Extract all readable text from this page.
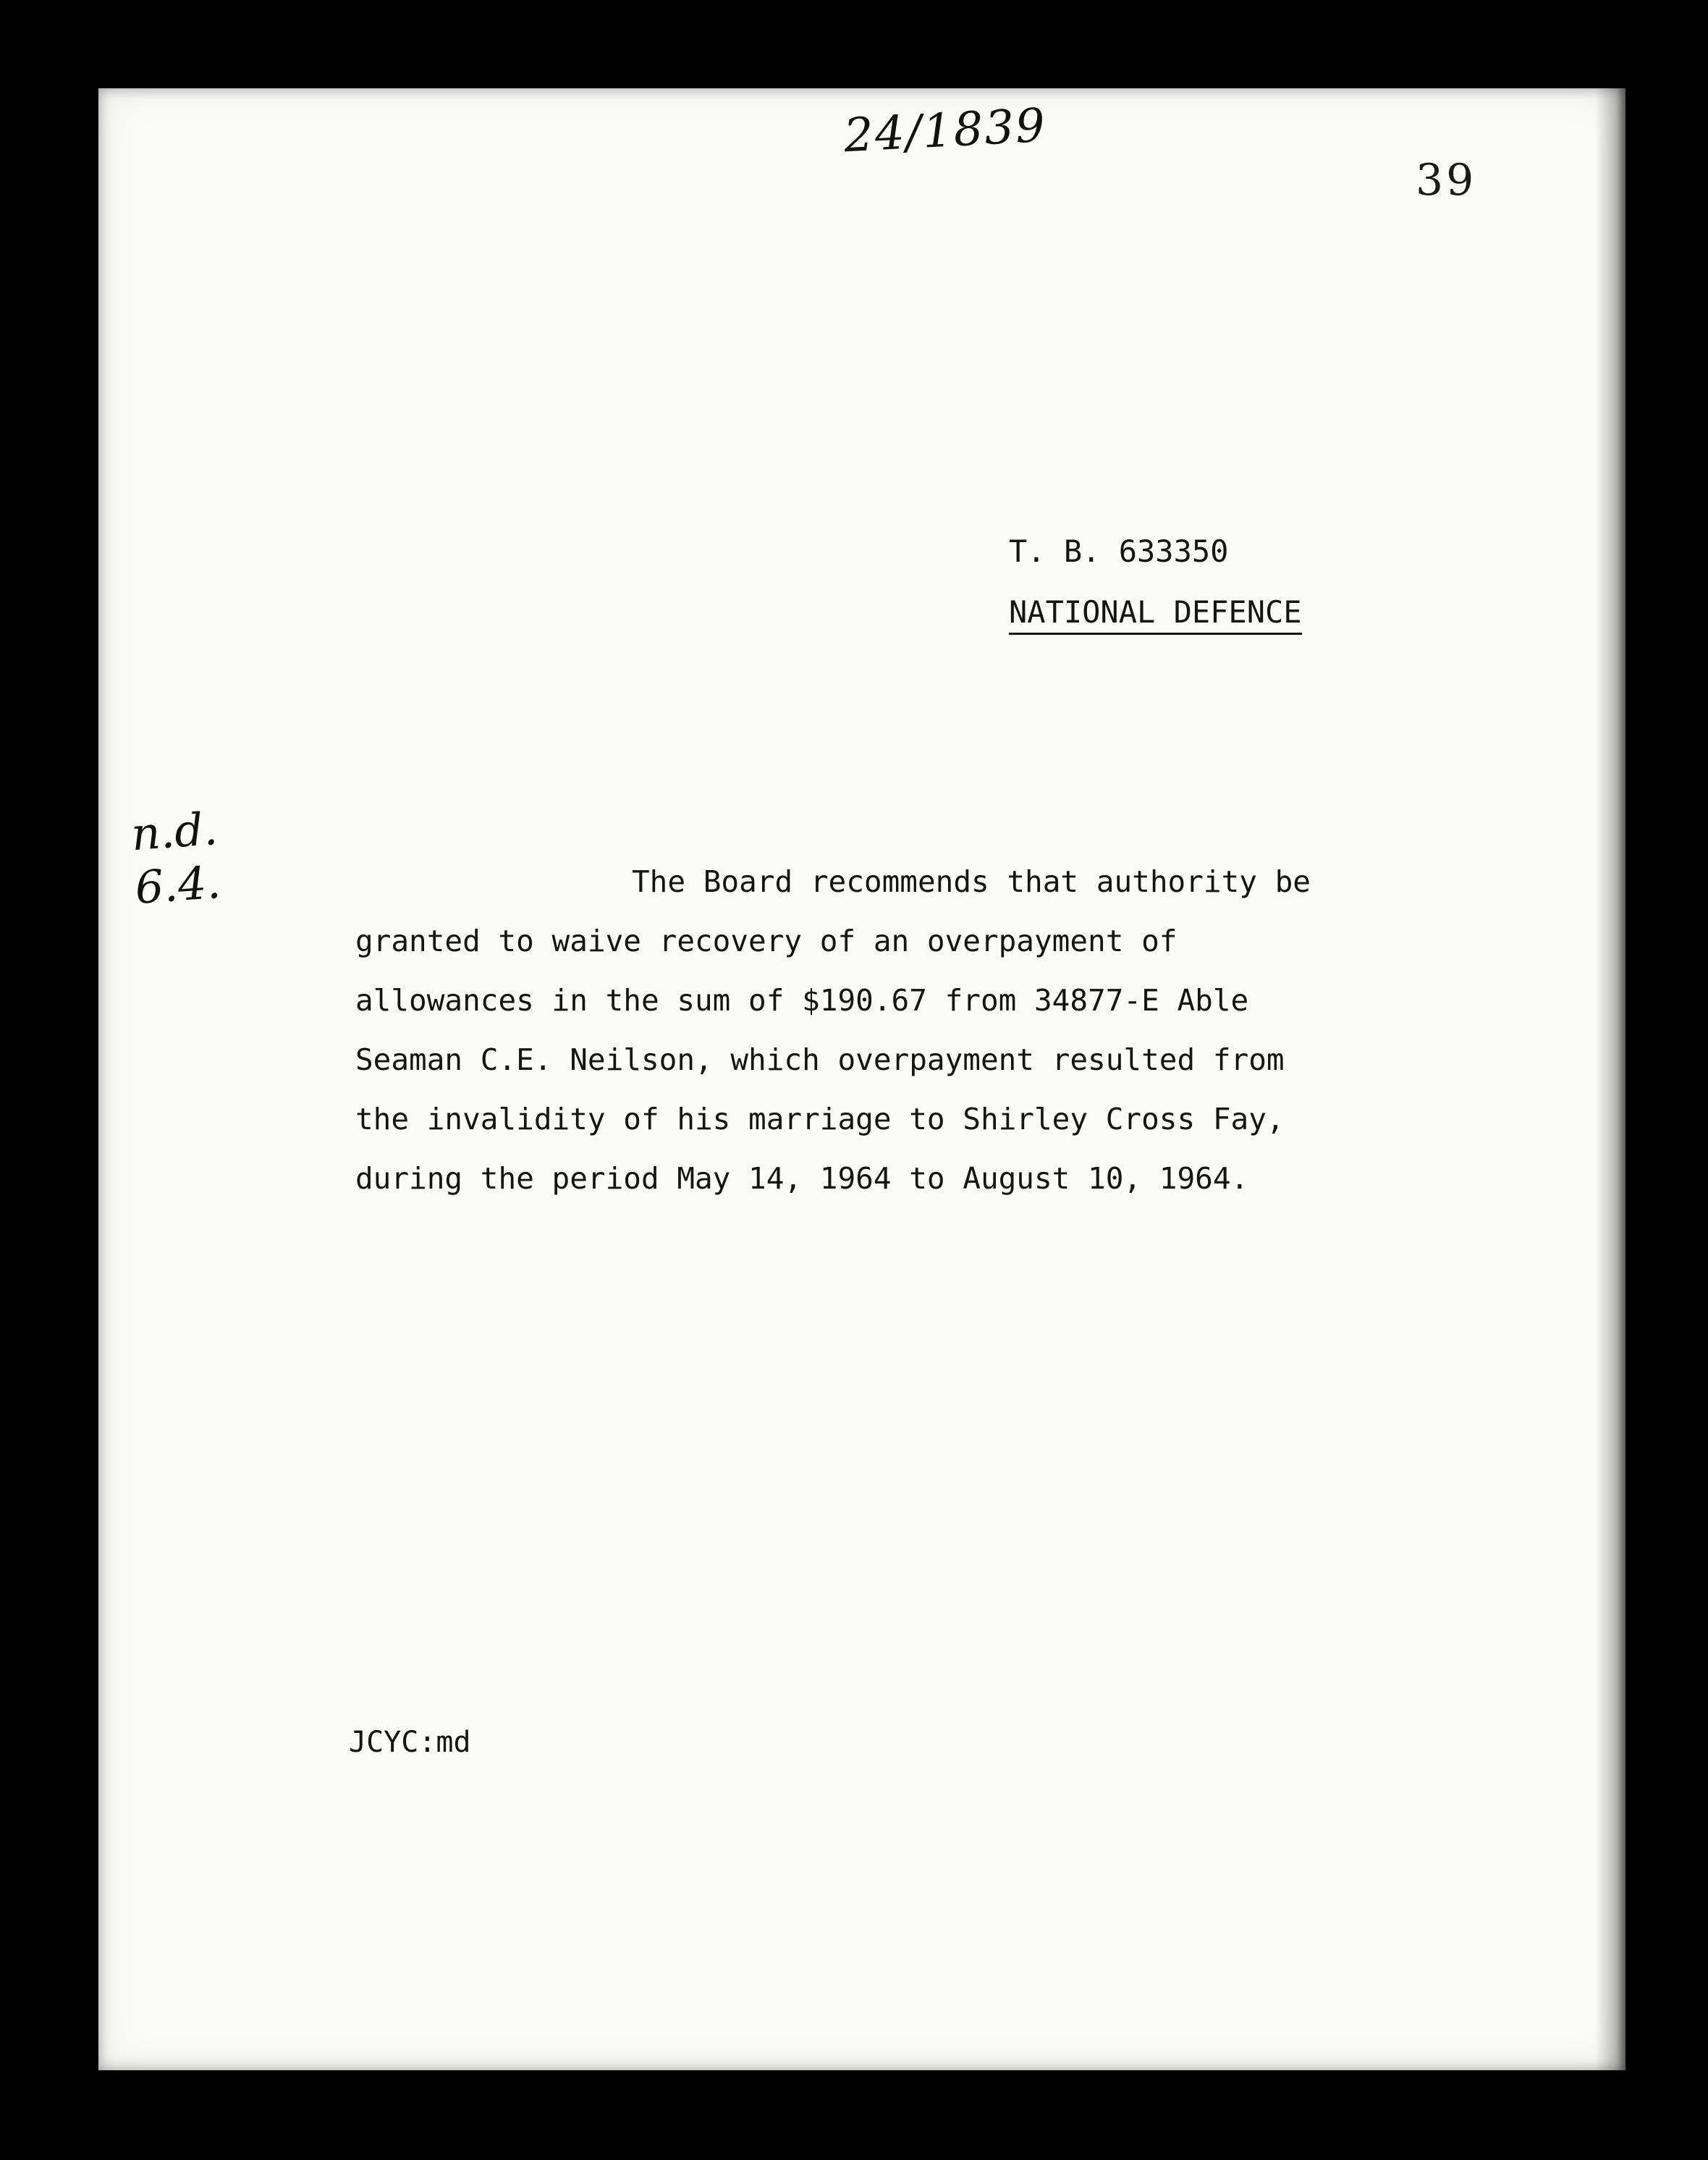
24/1839
39
n.d.
6.4.
T. B. 633350
NATIONAL DEFENCE
The Board recommends that authority be
granted to waive recovery of an overpayment of
allowances in the sum of $190.67 from 34877-E Able
Seaman C.E. Neilson, which overpayment resulted from
the invalidity of his marriage to Shirley Cross Fay,
during the period May 14, 1964 to August 10, 1964.
JCYC:md
